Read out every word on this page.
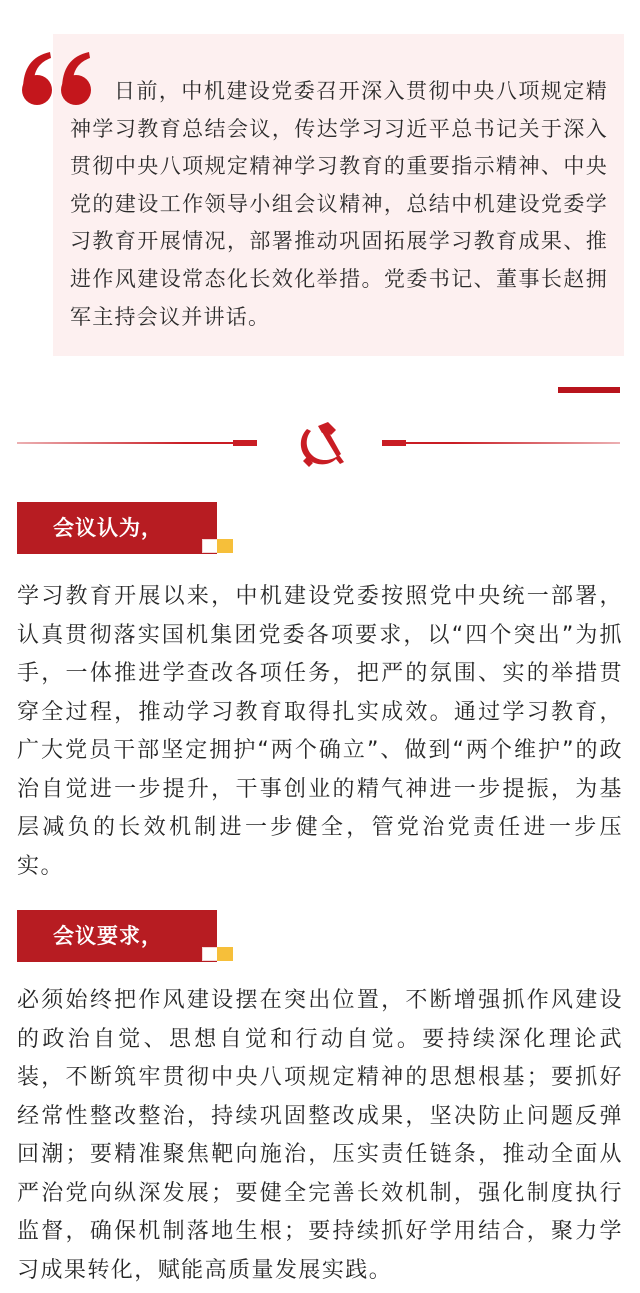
日前，中机建设党委召开深入贯彻中央八项规定精神学习教育总结会议，传达学习习近平总书记关于深入贯彻中央八项规定精神学习教育的重要指示精神、中央党的建设工作领导小组会议精神，总结中机建设党委学习教育开展情况，部署推动巩固拓展学习教育成果、推进作风建设常态化长效化举措。党委书记、董事长赵拥军主持会议并讲话。

会议认为，

学习教育开展以来，中机建设党委按照党中央统一部署，认真贯彻落实国机集团党委各项要求，以“四个突出”为抓手，一体推进学查改各项任务，把严的氛围、实的举措贯穿全过程，推动学习教育取得扎实成效。通过学习教育，广大党员干部坚定拥护“两个确立”、做到“两个维护”的政治自觉进一步提升，干事创业的精气神进一步提振，为基层减负的长效机制进一步健全，管党治党责任进一步压实。

会议要求，

必须始终把作风建设摆在突出位置，不断增强抓作风建设的政治自觉、思想自觉和行动自觉。要持续深化理论武装，不断筑牢贯彻中央八项规定精神的思想根基；要抓好经常性整改整治，持续巩固整改成果，坚决防止问题反弹回潮；要精准聚焦靶向施治，压实责任链条，推动全面从严治党向纵深发展；要健全完善长效机制，强化制度执行监督，确保机制落地生根；要持续抓好学用结合，聚力学习成果转化，赋能高质量发展实践。
